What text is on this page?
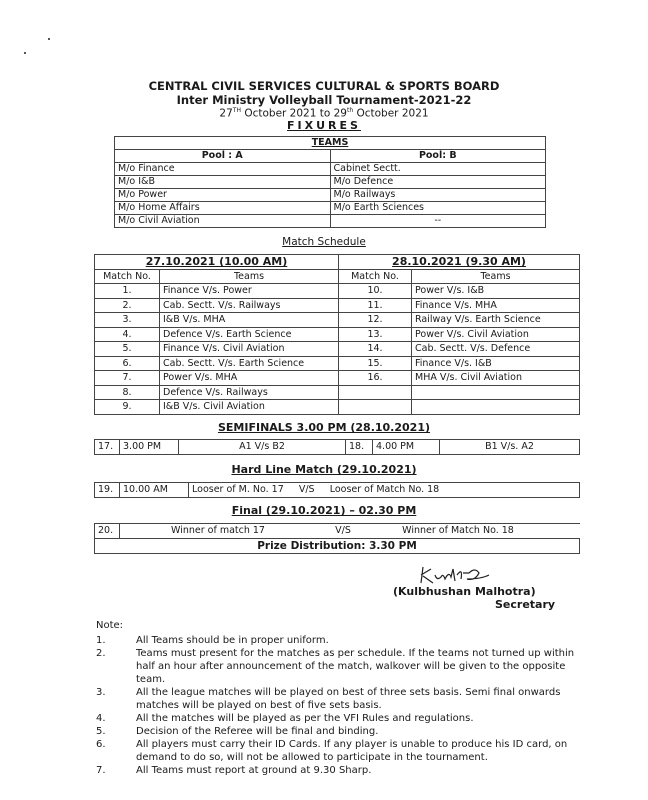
CENTRAL CIVIL SERVICES CULTURAL & SPORTS BOARD
Inter Ministry Volleyball Tournament-2021-22
27TH October 2021 to 29th October 2021
FIXURES
TEAMS	
Pool : A	Pool: B
M/o Finance	Cabinet Sectt.
M/o I&B	M/o Defence
M/o Power	M/o Railways
M/o Home Affairs	M/o Earth Sciences
M/o Civil Aviation	--
Match Schedule
27.10.2021 (10.00 AM)		28.10.2021 (9.30 AM)	
Match No.	Teams	Match No.	Teams
1.	Finance V/s. Power	10.	Power V/s. I&B
2.	Cab. Sectt. V/s. Railways	11.	Finance V/s. MHA
3.	I&B V/s. MHA	12.	Railway V/s. Earth Science
4.	Defence V/s. Earth Science	13.	Power V/s. Civil Aviation
5.	Finance V/s. Civil Aviation	14.	Cab. Sectt. V/s. Defence
6.	Cab. Sectt. V/s. Earth Science	15.	Finance V/s. I&B
7.	Power V/s. MHA	16.	MHA V/s. Civil Aviation
8.	Defence V/s. Railways		
9.	I&B V/s. Civil Aviation		
SEMIFINALS 3.00 PM (28.10.2021)
17.	3.00 PM	A1 V/s B2	18.	4.00 PM	B1 V/s. A2
Hard Line Match (29.10.2021)
19.	10.00 AM	Looser of M. No. 17     V/S     Looser of Match No. 18
Final (29.10.2021) – 02.30 PM
20.	Winner of match 17	V/S	Winner of Match No. 18
Prize Distribution: 3.30 PM
(Kulbhushan Malhotra)
Secretary
Note:
1.	All Teams should be in proper uniform.
2.	Teams must present for the matches as per schedule. If the teams not turned up within half an hour after announcement of the match, walkover will be given to the opposite team.
3.	All the league matches will be played on best of three sets basis. Semi final onwards matches will be played on best of five sets basis.
4.	All the matches will be played as per the VFI Rules and regulations.
5.	Decision of the Referee will be final and binding.
6.	All players must carry their ID Cards. If any player is unable to produce his ID card, on demand to do so, will not be allowed to participate in the tournament.
7.	All Teams must report at ground at 9.30 Sharp.
